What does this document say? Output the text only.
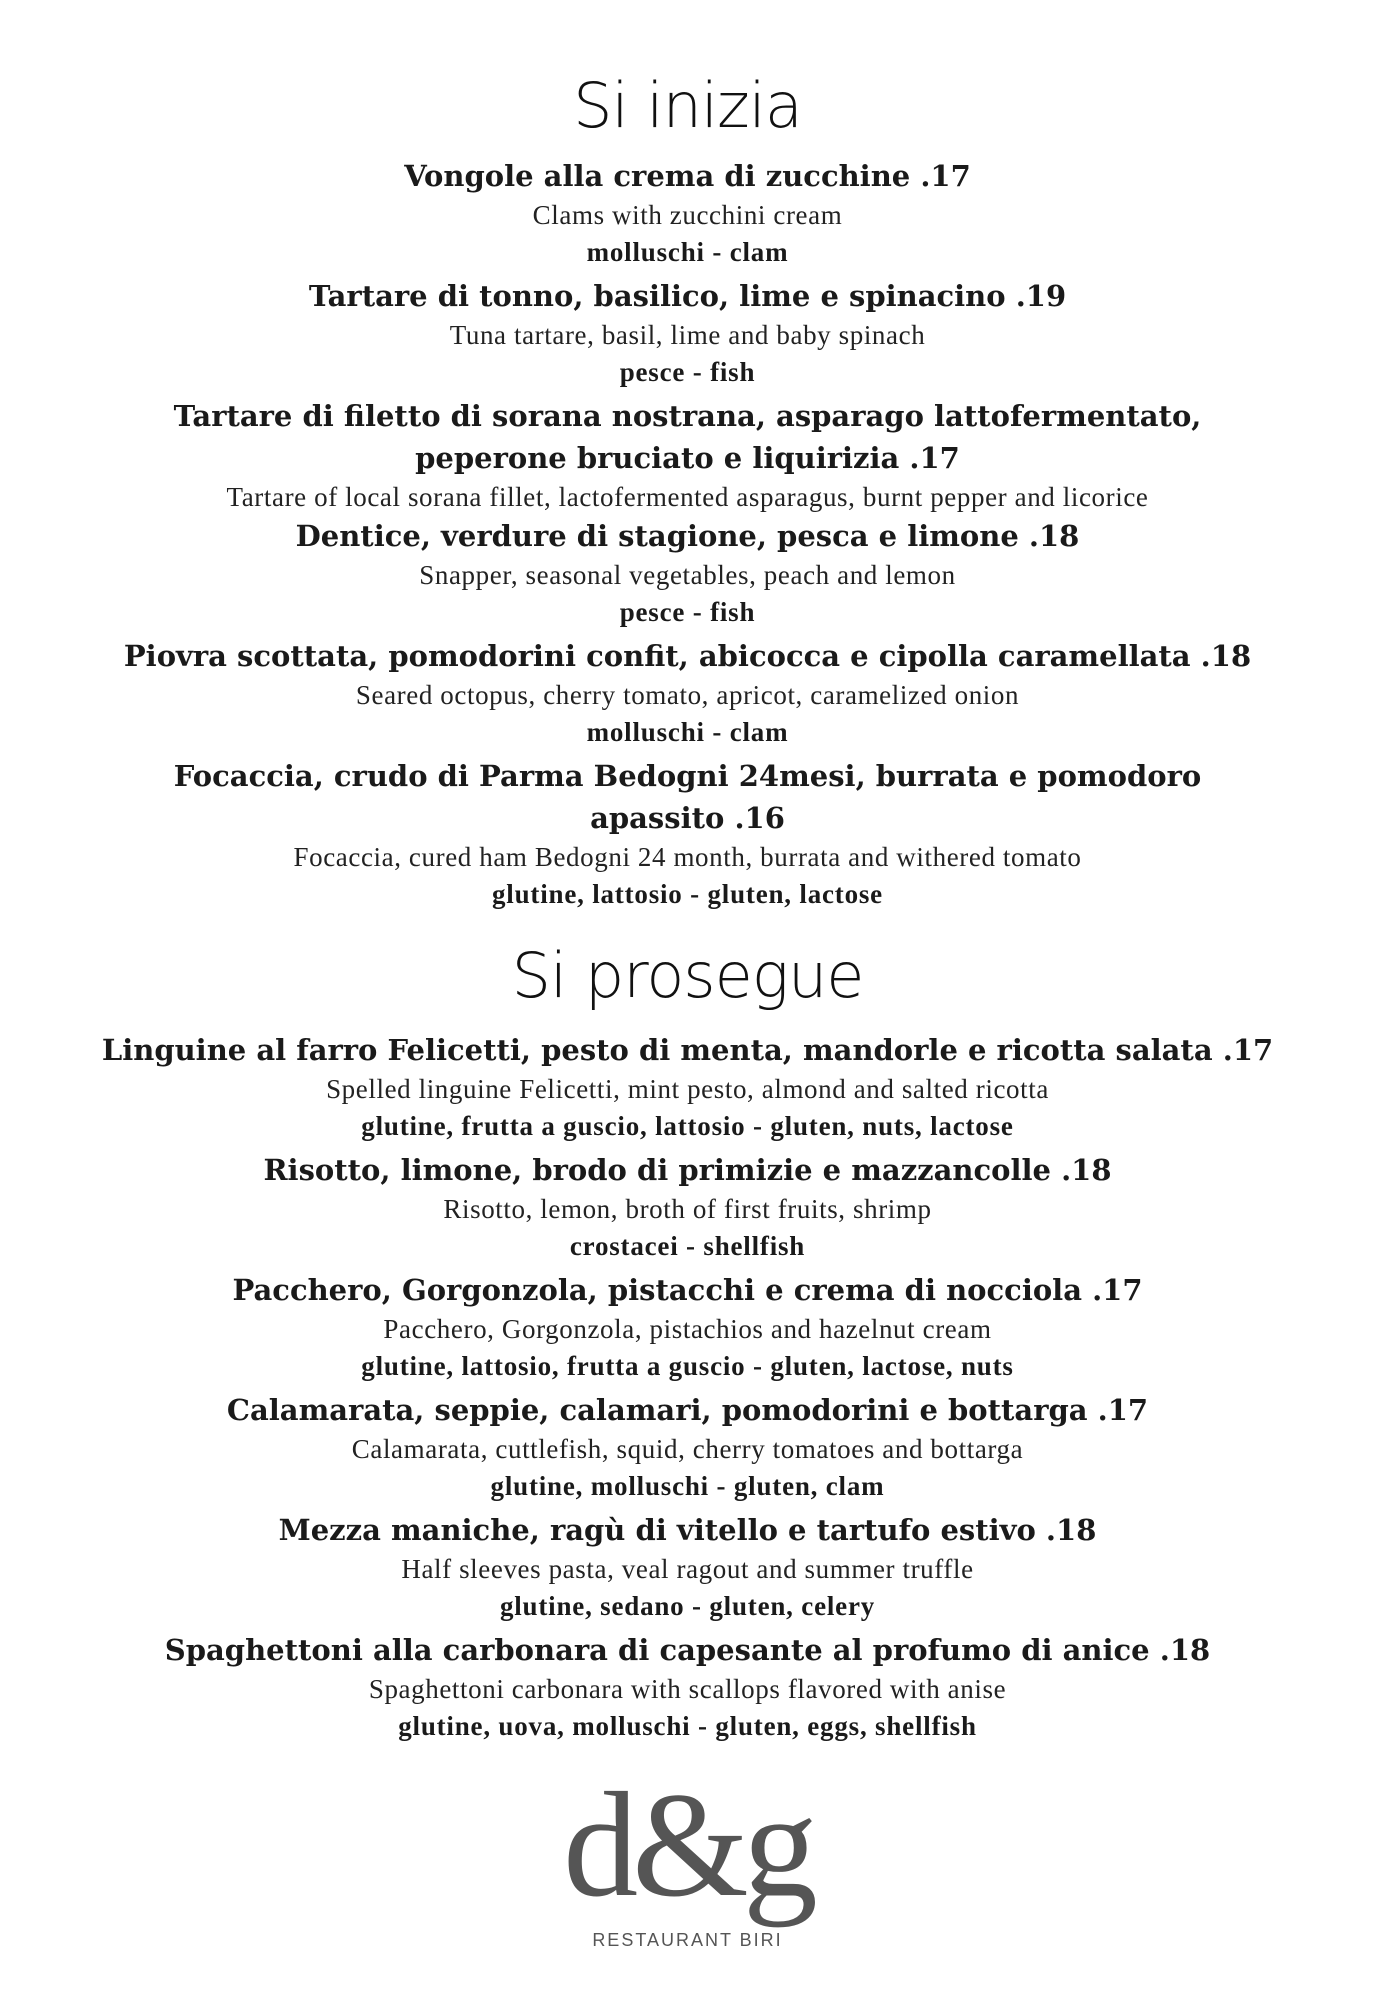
Si inizia

Vongole alla crema di zucchine .17

Clams with zucchini cream

molluschi - clam

Tartare di tonno, basilico, lime e spinacino .19

Tuna tartare, basil, lime and baby spinach

pesce - fish

Tartare di filetto di sorana nostrana, asparago lattofermentato,

peperone bruciato e liquirizia .17

Tartare of local sorana fillet, lactofermented asparagus, burnt pepper and licorice

Dentice, verdure di stagione, pesca e limone .18

Snapper, seasonal vegetables, peach and lemon

pesce - fish

Piovra scottata, pomodorini confit, abicocca e cipolla caramellata .18

Seared octopus, cherry tomato, apricot, caramelized onion

molluschi - clam

Focaccia, crudo di Parma Bedogni 24mesi, burrata e pomodoro

apassito .16

Focaccia, cured ham Bedogni 24 month, burrata and withered tomato

glutine, lattosio - gluten, lactose

Si prosegue

Linguine al farro Felicetti, pesto di menta, mandorle e ricotta salata .17

Spelled linguine Felicetti, mint pesto, almond and salted ricotta

glutine, frutta a guscio, lattosio - gluten, nuts, lactose

Risotto, limone, brodo di primizie e mazzancolle .18

Risotto, lemon, broth of first fruits, shrimp

crostacei - shellfish

Pacchero, Gorgonzola, pistacchi e crema di nocciola .17

Pacchero, Gorgonzola, pistachios and hazelnut cream

glutine, lattosio, frutta a guscio - gluten, lactose, nuts

Calamarata, seppie, calamari, pomodorini e bottarga .17

Calamarata, cuttlefish, squid, cherry tomatoes and bottarga

glutine, molluschi - gluten, clam

Mezza maniche, ragù di vitello e tartufo estivo .18

Half sleeves pasta, veal ragout and summer truffle

glutine, sedano - gluten, celery

Spaghettoni alla carbonara di capesante al profumo di anice .18

Spaghettoni carbonara with scallops flavored with anise

glutine, uova, molluschi - gluten, eggs, shellfish

d&g
RESTAURANT BIRI
